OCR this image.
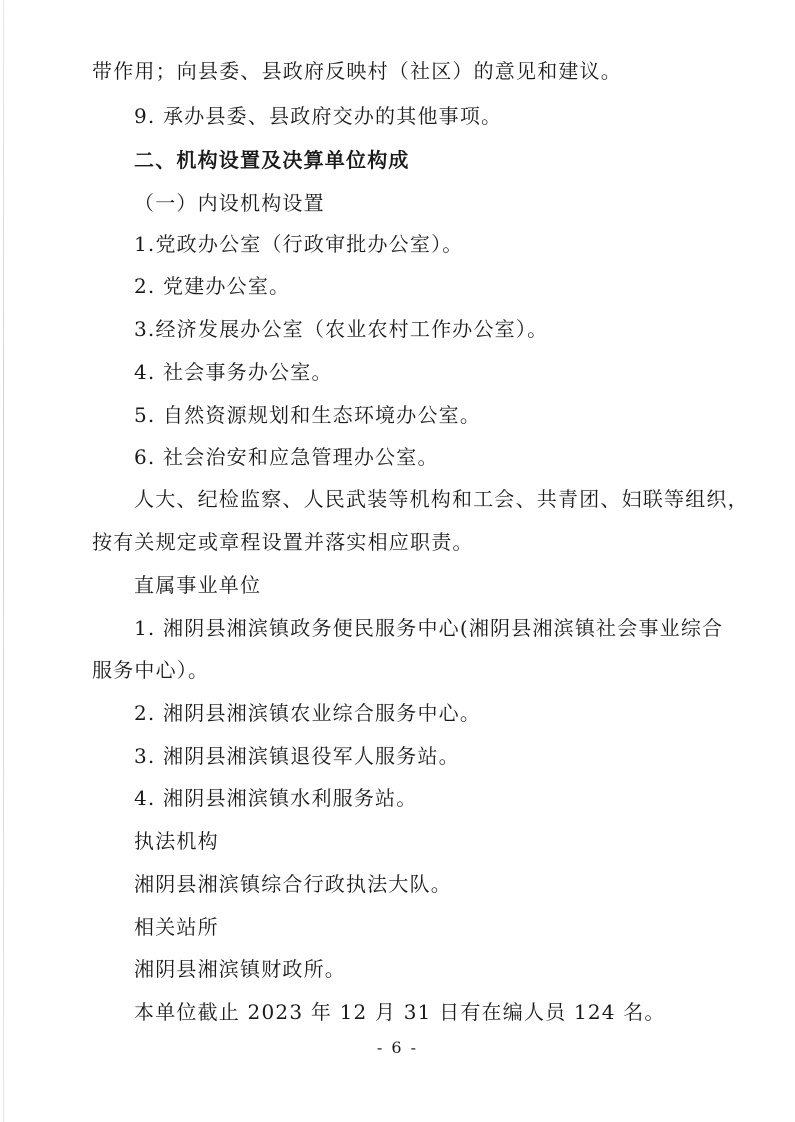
带作用；向县委、县政府反映村（社区）的意见和建议。
9. 承办县委、县政府交办的其他事项。
二、机构设置及决算单位构成
（一）内设机构设置
1.党政办公室（行政审批办公室）。
2. 党建办公室。
3.经济发展办公室（农业农村工作办公室）。
4. 社会事务办公室。
5. 自然资源规划和生态环境办公室。
6. 社会治安和应急管理办公室。
人大、纪检监察、人民武装等机构和工会、共青团、妇联等组织，
按有关规定或章程设置并落实相应职责。
直属事业单位
1. 湘阴县湘滨镇政务便民服务中心(湘阴县湘滨镇社会事业综合
服务中心）。
2. 湘阴县湘滨镇农业综合服务中心。
3. 湘阴县湘滨镇退役军人服务站。
4. 湘阴县湘滨镇水利服务站。
执法机构
湘阴县湘滨镇综合行政执法大队。
相关站所
湘阴县湘滨镇财政所。
本单位截止 2023 年 12 月 31 日有在编人员 124 名。
- 6 -
